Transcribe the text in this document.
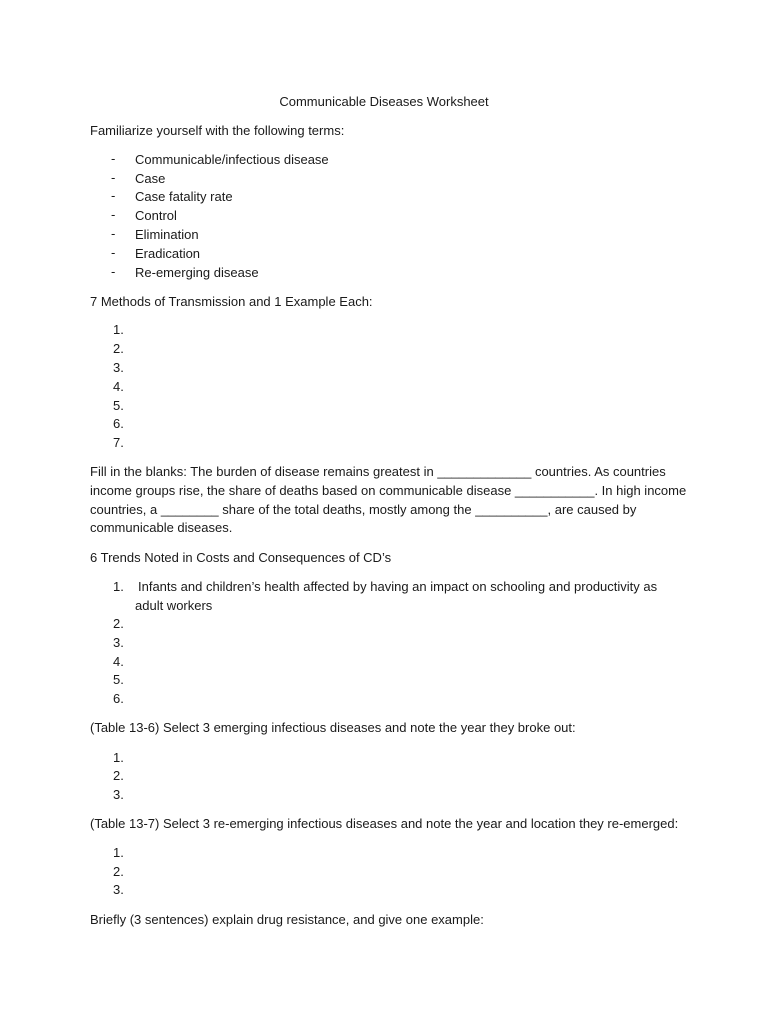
Communicable Diseases Worksheet
Familiarize yourself with the following terms:
- Communicable/infectious disease
- Case
- Case fatality rate
- Control
- Elimination
- Eradication
- Re-emerging disease
7 Methods of Transmission and 1 Example Each:
1.
2.
3.
4.
5.
6.
7.
Fill in the blanks: The burden of disease remains greatest in _____________ countries. As countries
income groups rise, the share of deaths based on communicable disease ___________. In high income
countries, a ________ share of the total deaths, mostly among the __________, are caused by
communicable diseases.
6 Trends Noted in Costs and Consequences of CD’s
1. Infants and children’s health affected by having an impact on schooling and productivity as
adult workers
2.
3.
4.
5.
6.
(Table 13-6) Select 3 emerging infectious diseases and note the year they broke out:
1.
2.
3.
(Table 13-7) Select 3 re-emerging infectious diseases and note the year and location they re-emerged:
1.
2.
3.
Briefly (3 sentences) explain drug resistance, and give one example:
